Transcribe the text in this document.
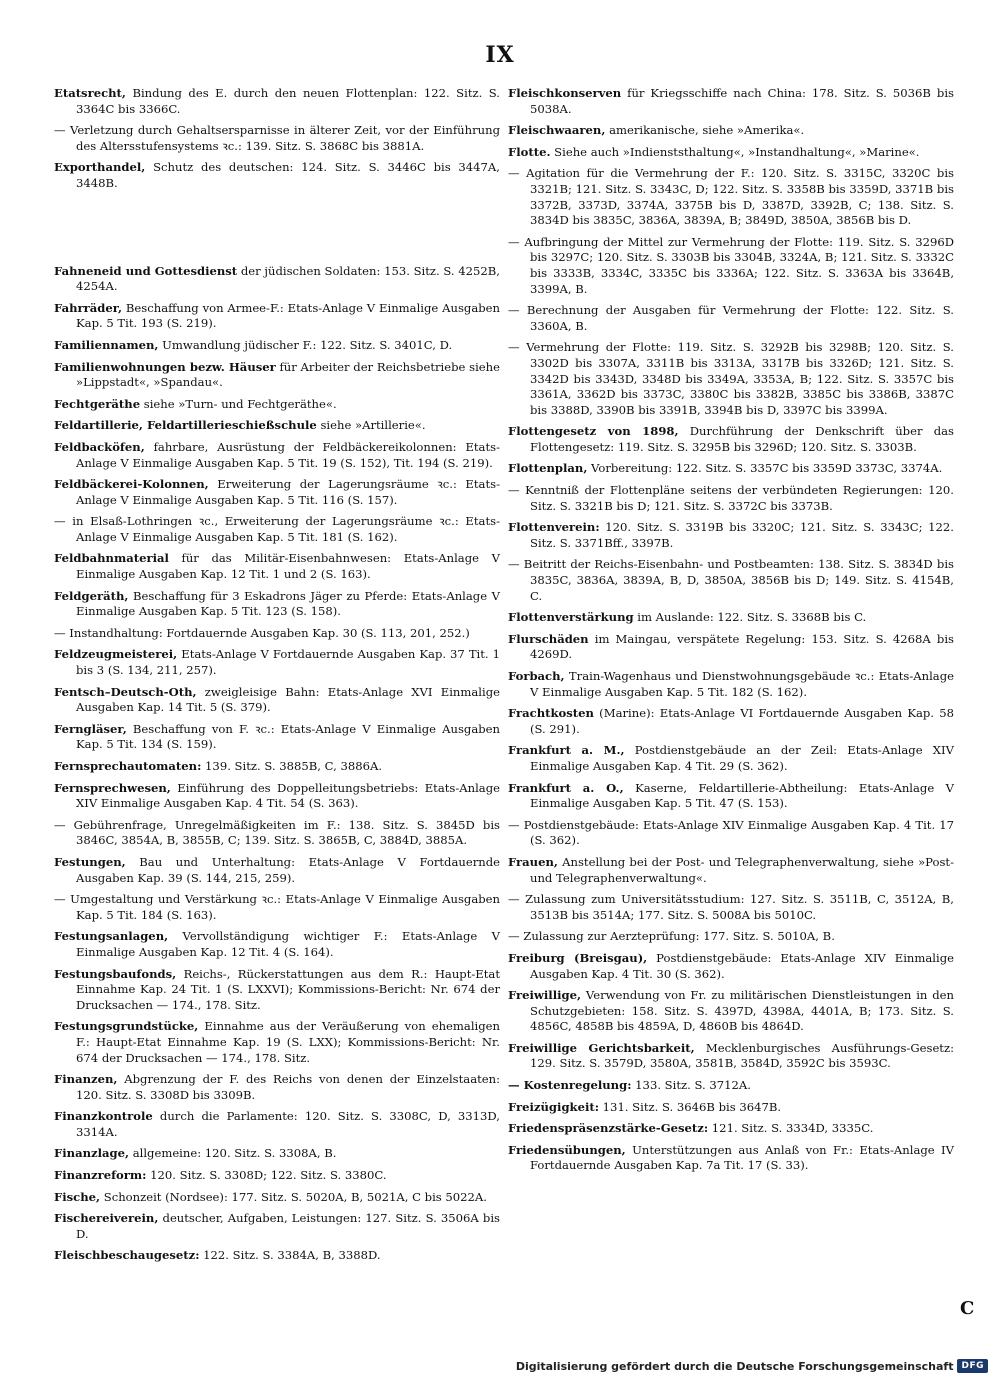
IX

Etatsrecht, Bindung des E. durch den neuen Flottenplan: 122. Sitz. S. 3364C bis 3366C.

— Verletzung durch Gehaltsersparnisse in älterer Zeit, vor der Einführung des Altersstufensystems ꝛc.: 139. Sitz. S. 3868C bis 3881A.

Exporthandel, Schutz des deutschen: 124. Sitz. S. 3446C bis 3447A, 3448B.

Fahneneid und Gottesdienst der jüdischen Soldaten: 153. Sitz. S. 4252B, 4254A.

Fahrräder, Beschaffung von Armee-F.: Etats-Anlage V Einmalige Ausgaben Kap. 5 Tit. 193 (S. 219).

Familiennamen, Umwandlung jüdischer F.: 122. Sitz. S. 3401C, D.

Familienwohnungen bezw. Häuser für Arbeiter der Reichsbetriebe siehe »Lippstadt«, »Spandau«.

Fechtgeräthe siehe »Turn- und Fechtgeräthe«.

Feldartillerie, Feldartillerieschießschule siehe »Artillerie«.

Feldbacköfen, fahrbare, Ausrüstung der Feldbäckereikolonnen: Etats-Anlage V Einmalige Ausgaben Kap. 5 Tit. 19 (S. 152), Tit. 194 (S. 219).

Feldbäckerei-Kolonnen, Erweiterung der Lagerungsräume ꝛc.: Etats-Anlage V Einmalige Ausgaben Kap. 5 Tit. 116 (S. 157).

— in Elsaß-Lothringen ꝛc., Erweiterung der Lagerungsräume ꝛc.: Etats-Anlage V Einmalige Ausgaben Kap. 5 Tit. 181 (S. 162).

Feldbahnmaterial für das Militär-Eisenbahnwesen: Etats-Anlage V Einmalige Ausgaben Kap. 12 Tit. 1 und 2 (S. 163).

Feldgeräth, Beschaffung für 3 Eskadrons Jäger zu Pferde: Etats-Anlage V Einmalige Ausgaben Kap. 5 Tit. 123 (S. 158).

— Instandhaltung: Fortdauernde Ausgaben Kap. 30 (S. 113, 201, 252.)

Feldzeugmeisterei, Etats-Anlage V Fortdauernde Ausgaben Kap. 37 Tit. 1 bis 3 (S. 134, 211, 257).

Fentsch–Deutsch-Oth, zweigleisige Bahn: Etats-Anlage XVI Einmalige Ausgaben Kap. 14 Tit. 5 (S. 379).

Ferngläser, Beschaffung von F. ꝛc.: Etats-Anlage V Einmalige Ausgaben Kap. 5 Tit. 134 (S. 159).

Fernsprechautomaten: 139. Sitz. S. 3885B, C, 3886A.

Fernsprechwesen, Einführung des Doppelleitungsbetriebs: Etats-Anlage XIV Einmalige Ausgaben Kap. 4 Tit. 54 (S. 363).

— Gebührenfrage, Unregelmäßigkeiten im F.: 138. Sitz. S. 3845D bis 3846C, 3854A, B, 3855B, C; 139. Sitz. S. 3865B, C, 3884D, 3885A.

Festungen, Bau und Unterhaltung: Etats-Anlage V Fortdauernde Ausgaben Kap. 39 (S. 144, 215, 259).

— Umgestaltung und Verstärkung ꝛc.: Etats-Anlage V Einmalige Ausgaben Kap. 5 Tit. 184 (S. 163).

Festungsanlagen, Vervollständigung wichtiger F.: Etats-Anlage V Einmalige Ausgaben Kap. 12 Tit. 4 (S. 164).

Festungsbaufonds, Reichs-, Rückerstattungen aus dem R.: Haupt-Etat Einnahme Kap. 24 Tit. 1 (S. LXXVI); Kommissions-Bericht: Nr. 674 der Drucksachen — 174., 178. Sitz.

Festungsgrundstücke, Einnahme aus der Veräußerung von ehemaligen F.: Haupt-Etat Einnahme Kap. 19 (S. LXX); Kommissions-Bericht: Nr. 674 der Drucksachen — 174., 178. Sitz.

Finanzen, Abgrenzung der F. des Reichs von denen der Einzelstaaten: 120. Sitz. S. 3308D bis 3309B.

Finanzkontrole durch die Parlamente: 120. Sitz. S. 3308C, D, 3313D, 3314A.

Finanzlage, allgemeine: 120. Sitz. S. 3308A, B.

Finanzreform: 120. Sitz. S. 3308D; 122. Sitz. S. 3380C.

Fische, Schonzeit (Nordsee): 177. Sitz. S. 5020A, B, 5021A, C bis 5022A.

Fischereiverein, deutscher, Aufgaben, Leistungen: 127. Sitz. S. 3506A bis D.

Fleischbeschaugesetz: 122. Sitz. S. 3384A, B, 3388D.

Fleischkonserven für Kriegsschiffe nach China: 178. Sitz. S. 5036B bis 5038A.

Fleischwaaren, amerikanische, siehe »Amerika«.

Flotte. Siehe auch »Indienststhaltung«, »Instandhaltung«, »Marine«.

— Agitation für die Vermehrung der F.: 120. Sitz. S. 3315C, 3320C bis 3321B; 121. Sitz. S. 3343C, D; 122. Sitz. S. 3358B bis 3359D, 3371B bis 3372B, 3373D, 3374A, 3375B bis D, 3387D, 3392B, C; 138. Sitz. S. 3834D bis 3835C, 3836A, 3839A, B; 3849D, 3850A, 3856B bis D.

— Aufbringung der Mittel zur Vermehrung der Flotte: 119. Sitz. S. 3296D bis 3297C; 120. Sitz. S. 3303B bis 3304B, 3324A, B; 121. Sitz. S. 3332C bis 3333B, 3334C, 3335C bis 3336A; 122. Sitz. S. 3363A bis 3364B, 3399A, B.

— Berechnung der Ausgaben für Vermehrung der Flotte: 122. Sitz. S. 3360A, B.

— Vermehrung der Flotte: 119. Sitz. S. 3292B bis 3298B; 120. Sitz. S. 3302D bis 3307A, 3311B bis 3313A, 3317B bis 3326D; 121. Sitz. S. 3342D bis 3343D, 3348D bis 3349A, 3353A, B; 122. Sitz. S. 3357C bis 3361A, 3362D bis 3373C, 3380C bis 3382B, 3385C bis 3386B, 3387C bis 3388D, 3390B bis 3391B, 3394B bis D, 3397C bis 3399A.

Flottengesetz von 1898, Durchführung der Denkschrift über das Flottengesetz: 119. Sitz. S. 3295B bis 3296D; 120. Sitz. S. 3303B.

Flottenplan, Vorbereitung: 122. Sitz. S. 3357C bis 3359D 3373C, 3374A.

— Kenntniß der Flottenpläne seitens der verbündeten Regierungen: 120. Sitz. S. 3321B bis D; 121. Sitz. S. 3372C bis 3373B.

Flottenverein: 120. Sitz. S. 3319B bis 3320C; 121. Sitz. S. 3343C; 122. Sitz. S. 3371Bff., 3397B.

— Beitritt der Reichs-Eisenbahn- und Postbeamten: 138. Sitz. S. 3834D bis 3835C, 3836A, 3839A, B, D, 3850A, 3856B bis D; 149. Sitz. S. 4154B, C.

Flottenverstärkung im Auslande: 122. Sitz. S. 3368B bis C.

Flurschäden im Maingau, verspätete Regelung: 153. Sitz. S. 4268A bis 4269D.

Forbach, Train-Wagenhaus und Dienstwohnungsgebäude ꝛc.: Etats-Anlage V Einmalige Ausgaben Kap. 5 Tit. 182 (S. 162).

Frachtkosten (Marine): Etats-Anlage VI Fortdauernde Ausgaben Kap. 58 (S. 291).

Frankfurt a. M., Postdienstgebäude an der Zeil: Etats-Anlage XIV Einmalige Ausgaben Kap. 4 Tit. 29 (S. 362).

Frankfurt a. O., Kaserne, Feldartillerie-Abtheilung: Etats-Anlage V Einmalige Ausgaben Kap. 5 Tit. 47 (S. 153).

— Postdienstgebäude: Etats-Anlage XIV Einmalige Ausgaben Kap. 4 Tit. 17 (S. 362).

Frauen, Anstellung bei der Post- und Telegraphenverwaltung, siehe »Post- und Telegraphenverwaltung«.

— Zulassung zum Universitätsstudium: 127. Sitz. S. 3511B, C, 3512A, B, 3513B bis 3514A; 177. Sitz. S. 5008A bis 5010C.

— Zulassung zur Aerzteprüfung: 177. Sitz. S. 5010A, B.

Freiburg (Breisgau), Postdienstgebäude: Etats-Anlage XIV Einmalige Ausgaben Kap. 4 Tit. 30 (S. 362).

Freiwillige, Verwendung von Fr. zu militärischen Dienstleistungen in den Schutzgebieten: 158. Sitz. S. 4397D, 4398A, 4401A, B; 173. Sitz. S. 4856C, 4858B bis 4859A, D, 4860B bis 4864D.

Freiwillige Gerichtsbarkeit, Mecklenburgisches Ausführungs-Gesetz: 129. Sitz. S. 3579D, 3580A, 3581B, 3584D, 3592C bis 3593C.

— Kostenregelung: 133. Sitz. S. 3712A.

Freizügigkeit: 131. Sitz. S. 3646B bis 3647B.

Friedenspräsenzstärke-Gesetz: 121. Sitz. S. 3334D, 3335C.

Friedensübungen, Unterstützungen aus Anlaß von Fr.: Etats-Anlage IV Fortdauernde Ausgaben Kap. 7a Tit. 17 (S. 33).

C
Digitalisierung gefördert durch die Deutsche Forschungsgemeinschaft DFG
